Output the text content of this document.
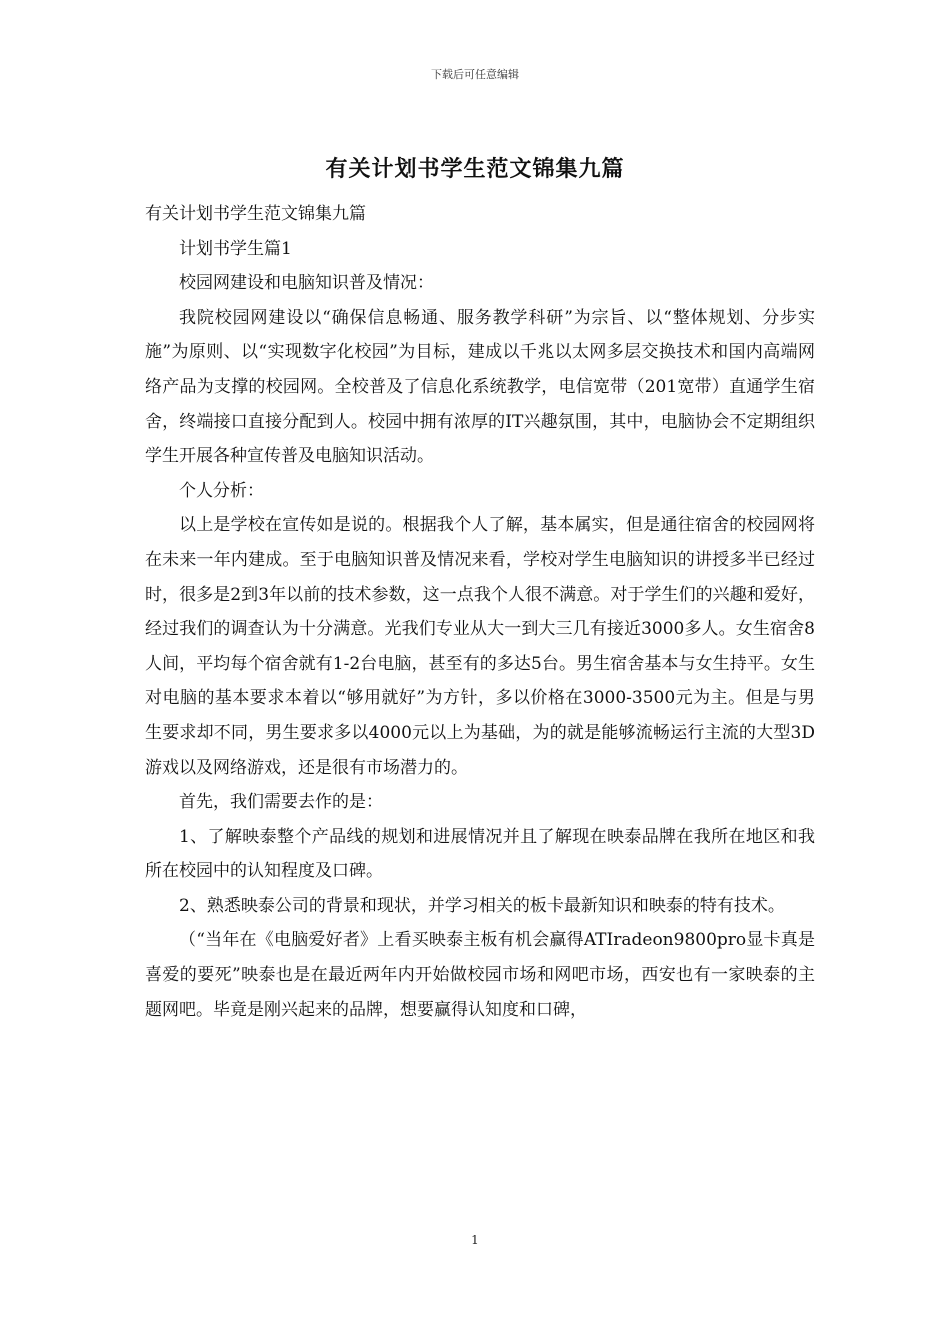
下载后可任意编辑
有关计划书学生范文锦集九篇

有关计划书学生范文锦集九篇

计划书学生篇1

校园网建设和电脑知识普及情况：

我院校园网建设以“确保信息畅通、服务教学科研”为宗旨、以“整体规划、分步实施”为原则、以“实现数字化校园”为目标，建成以千兆以太网多层交换技术和国内高端网络产品为支撑的校园网。全校普及了信息化系统教学，电信宽带（201宽带）直通学生宿舍，终端接口直接分配到人。校园中拥有浓厚的IT兴趣氛围，其中，电脑协会不定期组织学生开展各种宣传普及电脑知识活动。

个人分析：

以上是学校在宣传如是说的。根据我个人了解，基本属实，但是通往宿舍的校园网将在未来一年内建成。至于电脑知识普及情况来看，学校对学生电脑知识的讲授多半已经过时，很多是2到3年以前的技术参数，这一点我个人很不满意。对于学生们的兴趣和爱好，经过我们的调查认为十分满意。光我们专业从大一到大三几有接近3000多人。女生宿舍8人间，平均每个宿舍就有1-2台电脑，甚至有的多达5台。男生宿舍基本与女生持平。女生对电脑的基本要求本着以“够用就好”为方针，多以价格在3000-3500元为主。但是与男生要求却不同，男生要求多以4000元以上为基础，为的就是能够流畅运行主流的大型3D游戏以及网络游戏，还是很有市场潜力的。

首先，我们需要去作的是：

1、了解映泰整个产品线的规划和进展情况并且了解现在映泰品牌在我所在地区和我所在校园中的认知程度及口碑。

2、熟悉映泰公司的背景和现状，并学习相关的板卡最新知识和映泰的特有技术。

（“当年在《电脑爱好者》上看买映泰主板有机会赢得ATIradeon9800pro显卡真是喜爱的要死”映泰也是在最近两年内开始做校园市场和网吧市场，西安也有一家映泰的主题网吧。毕竟是刚兴起来的品牌，想要赢得认知度和口碑，

1
